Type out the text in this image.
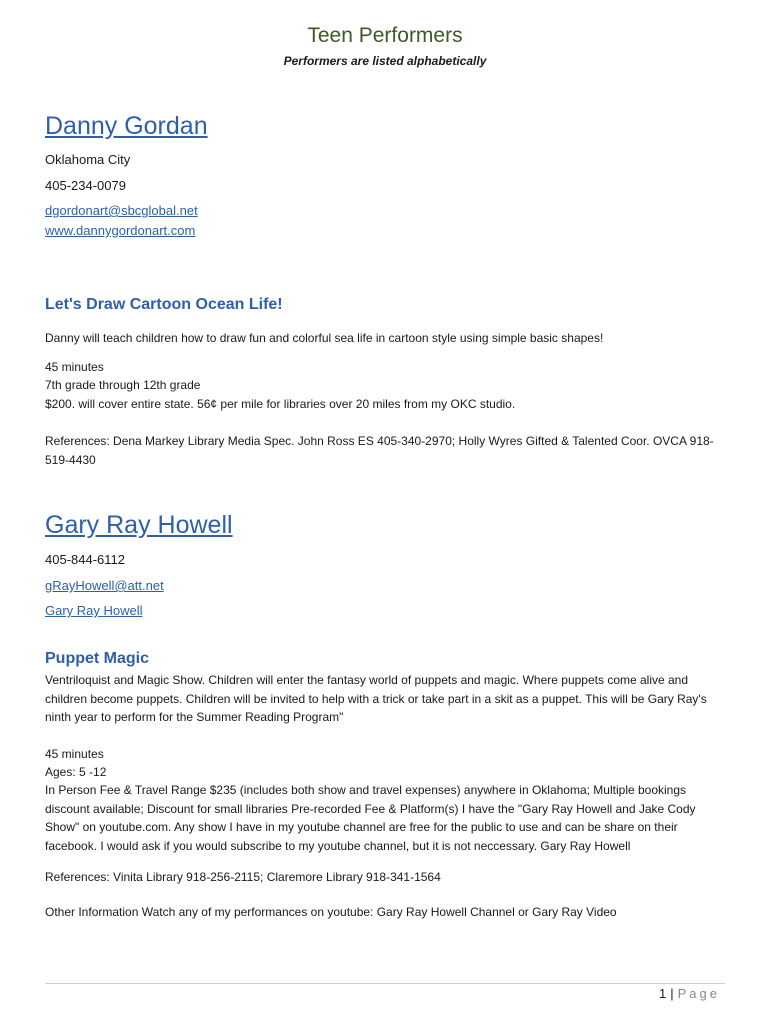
Teen Performers

Performers are listed alphabetically

Danny Gordan

Oklahoma City

405-234-0079

dgordonart@sbcglobal.net

www.dannygordonart.com

Let's Draw Cartoon Ocean Life!

Danny will teach children how to draw fun and colorful sea life in cartoon style using simple basic shapes!

45 minutes

7th grade through 12th grade

$200. will cover entire state. 56¢ per mile for libraries over 20 miles from my OKC studio.

References: Dena Markey Library Media Spec. John Ross ES 405-340-2970; Holly Wyres Gifted & Talented Coor. OVCA 918-519-4430

Gary Ray Howell

405-844-6112

gRayHowell@att.net

Gary Ray Howell

Puppet Magic

Ventriloquist and Magic Show. Children will enter the fantasy world of puppets and magic. Where puppets come alive and children become puppets. Children will be invited to help with a trick or take part in a skit as a puppet. This will be Gary Ray's ninth year to perform for the Summer Reading Program"

45 minutes

Ages: 5 -12

In Person Fee & Travel Range $235 (includes both show and travel expenses) anywhere in Oklahoma; Multiple bookings discount available; Discount for small libraries Pre-recorded Fee & Platform(s) I have the "Gary Ray Howell and Jake Cody Show" on youtube.com. Any show I have in my youtube channel are free for the public to use and can be share on their facebook. I would ask if you would subscribe to my youtube channel, but it is not neccessary. Gary Ray Howell

References: Vinita Library 918-256-2115; Claremore Library 918-341-1564

Other Information Watch any of my performances on youtube: Gary Ray Howell Channel or Gary Ray Video

1 | Page
